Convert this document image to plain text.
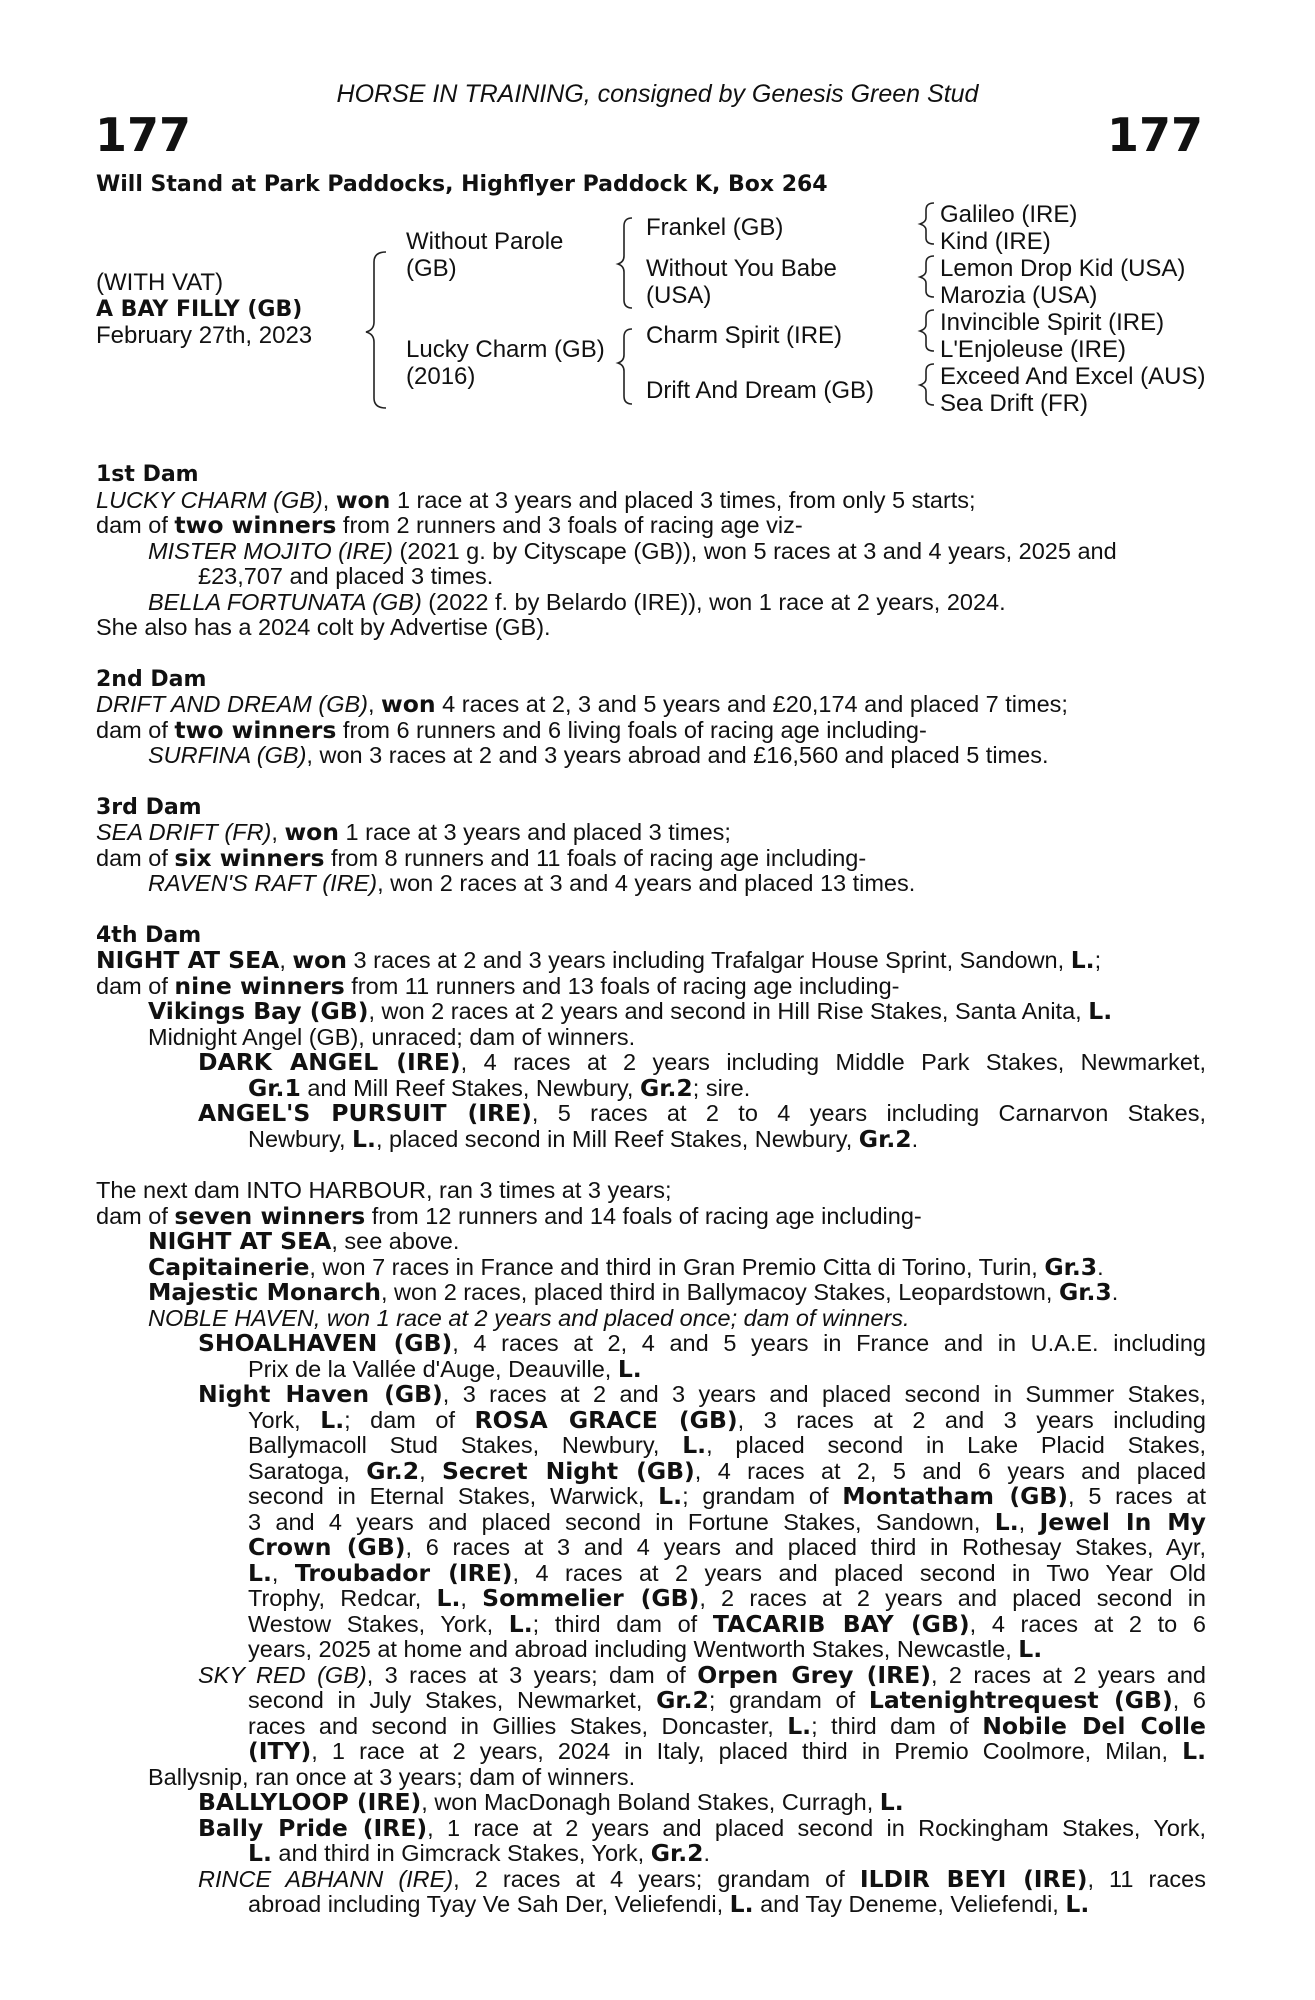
HORSE IN TRAINING, consigned by Genesis Green Stud
177	177
Will Stand at Park Paddocks, Highflyer Paddock K, Box 264
(WITH VAT)
A BAY FILLY (GB)
February 27th, 2023
Without Parole
(GB)
Lucky Charm (GB)
(2016)
Frankel (GB)
Without You Babe
(USA)
Charm Spirit (IRE)
Drift And Dream (GB)
Galileo (IRE)
Kind (IRE)
Lemon Drop Kid (USA)
Marozia (USA)
Invincible Spirit (IRE)
L'Enjoleuse (IRE)
Exceed And Excel (AUS)
Sea Drift (FR)
1st Dam
LUCKY CHARM (GB), won 1 race at 3 years and placed 3 times, from only 5 starts;
dam of two winners from 2 runners and 3 foals of racing age viz-
MISTER MOJITO (IRE) (2021 g. by Cityscape (GB)), won 5 races at 3 and 4 years, 2025 and
£23,707 and placed 3 times.
BELLA FORTUNATA (GB) (2022 f. by Belardo (IRE)), won 1 race at 2 years, 2024.
She also has a 2024 colt by Advertise (GB).
2nd Dam
DRIFT AND DREAM (GB), won 4 races at 2, 3 and 5 years and £20,174 and placed 7 times;
dam of two winners from 6 runners and 6 living foals of racing age including-
SURFINA (GB), won 3 races at 2 and 3 years abroad and £16,560 and placed 5 times.
3rd Dam
SEA DRIFT (FR), won 1 race at 3 years and placed 3 times;
dam of six winners from 8 runners and 11 foals of racing age including-
RAVEN'S RAFT (IRE), won 2 races at 3 and 4 years and placed 13 times.
4th Dam
NIGHT AT SEA, won 3 races at 2 and 3 years including Trafalgar House Sprint, Sandown, L.;
dam of nine winners from 11 runners and 13 foals of racing age including-
Vikings Bay (GB), won 2 races at 2 years and second in Hill Rise Stakes, Santa Anita, L.
Midnight Angel (GB), unraced; dam of winners.
DARK ANGEL (IRE), 4 races at 2 years including Middle Park Stakes, Newmarket,
Gr.1 and Mill Reef Stakes, Newbury, Gr.2; sire.
ANGEL'S PURSUIT (IRE), 5 races at 2 to 4 years including Carnarvon Stakes,
Newbury, L., placed second in Mill Reef Stakes, Newbury, Gr.2.
The next dam INTO HARBOUR, ran 3 times at 3 years;
dam of seven winners from 12 runners and 14 foals of racing age including-
NIGHT AT SEA, see above.
Capitainerie, won 7 races in France and third in Gran Premio Citta di Torino, Turin, Gr.3.
Majestic Monarch, won 2 races, placed third in Ballymacoy Stakes, Leopardstown, Gr.3.
NOBLE HAVEN, won 1 race at 2 years and placed once; dam of winners.
SHOALHAVEN (GB), 4 races at 2, 4 and 5 years in France and in U.A.E. including
Prix de la Vallée d'Auge, Deauville, L.
Night Haven (GB), 3 races at 2 and 3 years and placed second in Summer Stakes,
York, L.; dam of ROSA GRACE (GB), 3 races at 2 and 3 years including
Ballymacoll Stud Stakes, Newbury, L., placed second in Lake Placid Stakes,
Saratoga, Gr.2, Secret Night (GB), 4 races at 2, 5 and 6 years and placed
second in Eternal Stakes, Warwick, L.; grandam of Montatham (GB), 5 races at
3 and 4 years and placed second in Fortune Stakes, Sandown, L., Jewel In My
Crown (GB), 6 races at 3 and 4 years and placed third in Rothesay Stakes, Ayr,
L., Troubador (IRE), 4 races at 2 years and placed second in Two Year Old
Trophy, Redcar, L., Sommelier (GB), 2 races at 2 years and placed second in
Westow Stakes, York, L.; third dam of TACARIB BAY (GB), 4 races at 2 to 6
years, 2025 at home and abroad including Wentworth Stakes, Newcastle, L.
SKY RED (GB), 3 races at 3 years; dam of Orpen Grey (IRE), 2 races at 2 years and
second in July Stakes, Newmarket, Gr.2; grandam of Latenightrequest (GB), 6
races and second in Gillies Stakes, Doncaster, L.; third dam of Nobile Del Colle
(ITY), 1 race at 2 years, 2024 in Italy, placed third in Premio Coolmore, Milan, L.
Ballysnip, ran once at 3 years; dam of winners.
BALLYLOOP (IRE), won MacDonagh Boland Stakes, Curragh, L.
Bally Pride (IRE), 1 race at 2 years and placed second in Rockingham Stakes, York,
L. and third in Gimcrack Stakes, York, Gr.2.
RINCE ABHANN (IRE), 2 races at 4 years; grandam of ILDIR BEYI (IRE), 11 races
abroad including Tyay Ve Sah Der, Veliefendi, L. and Tay Deneme, Veliefendi, L.
